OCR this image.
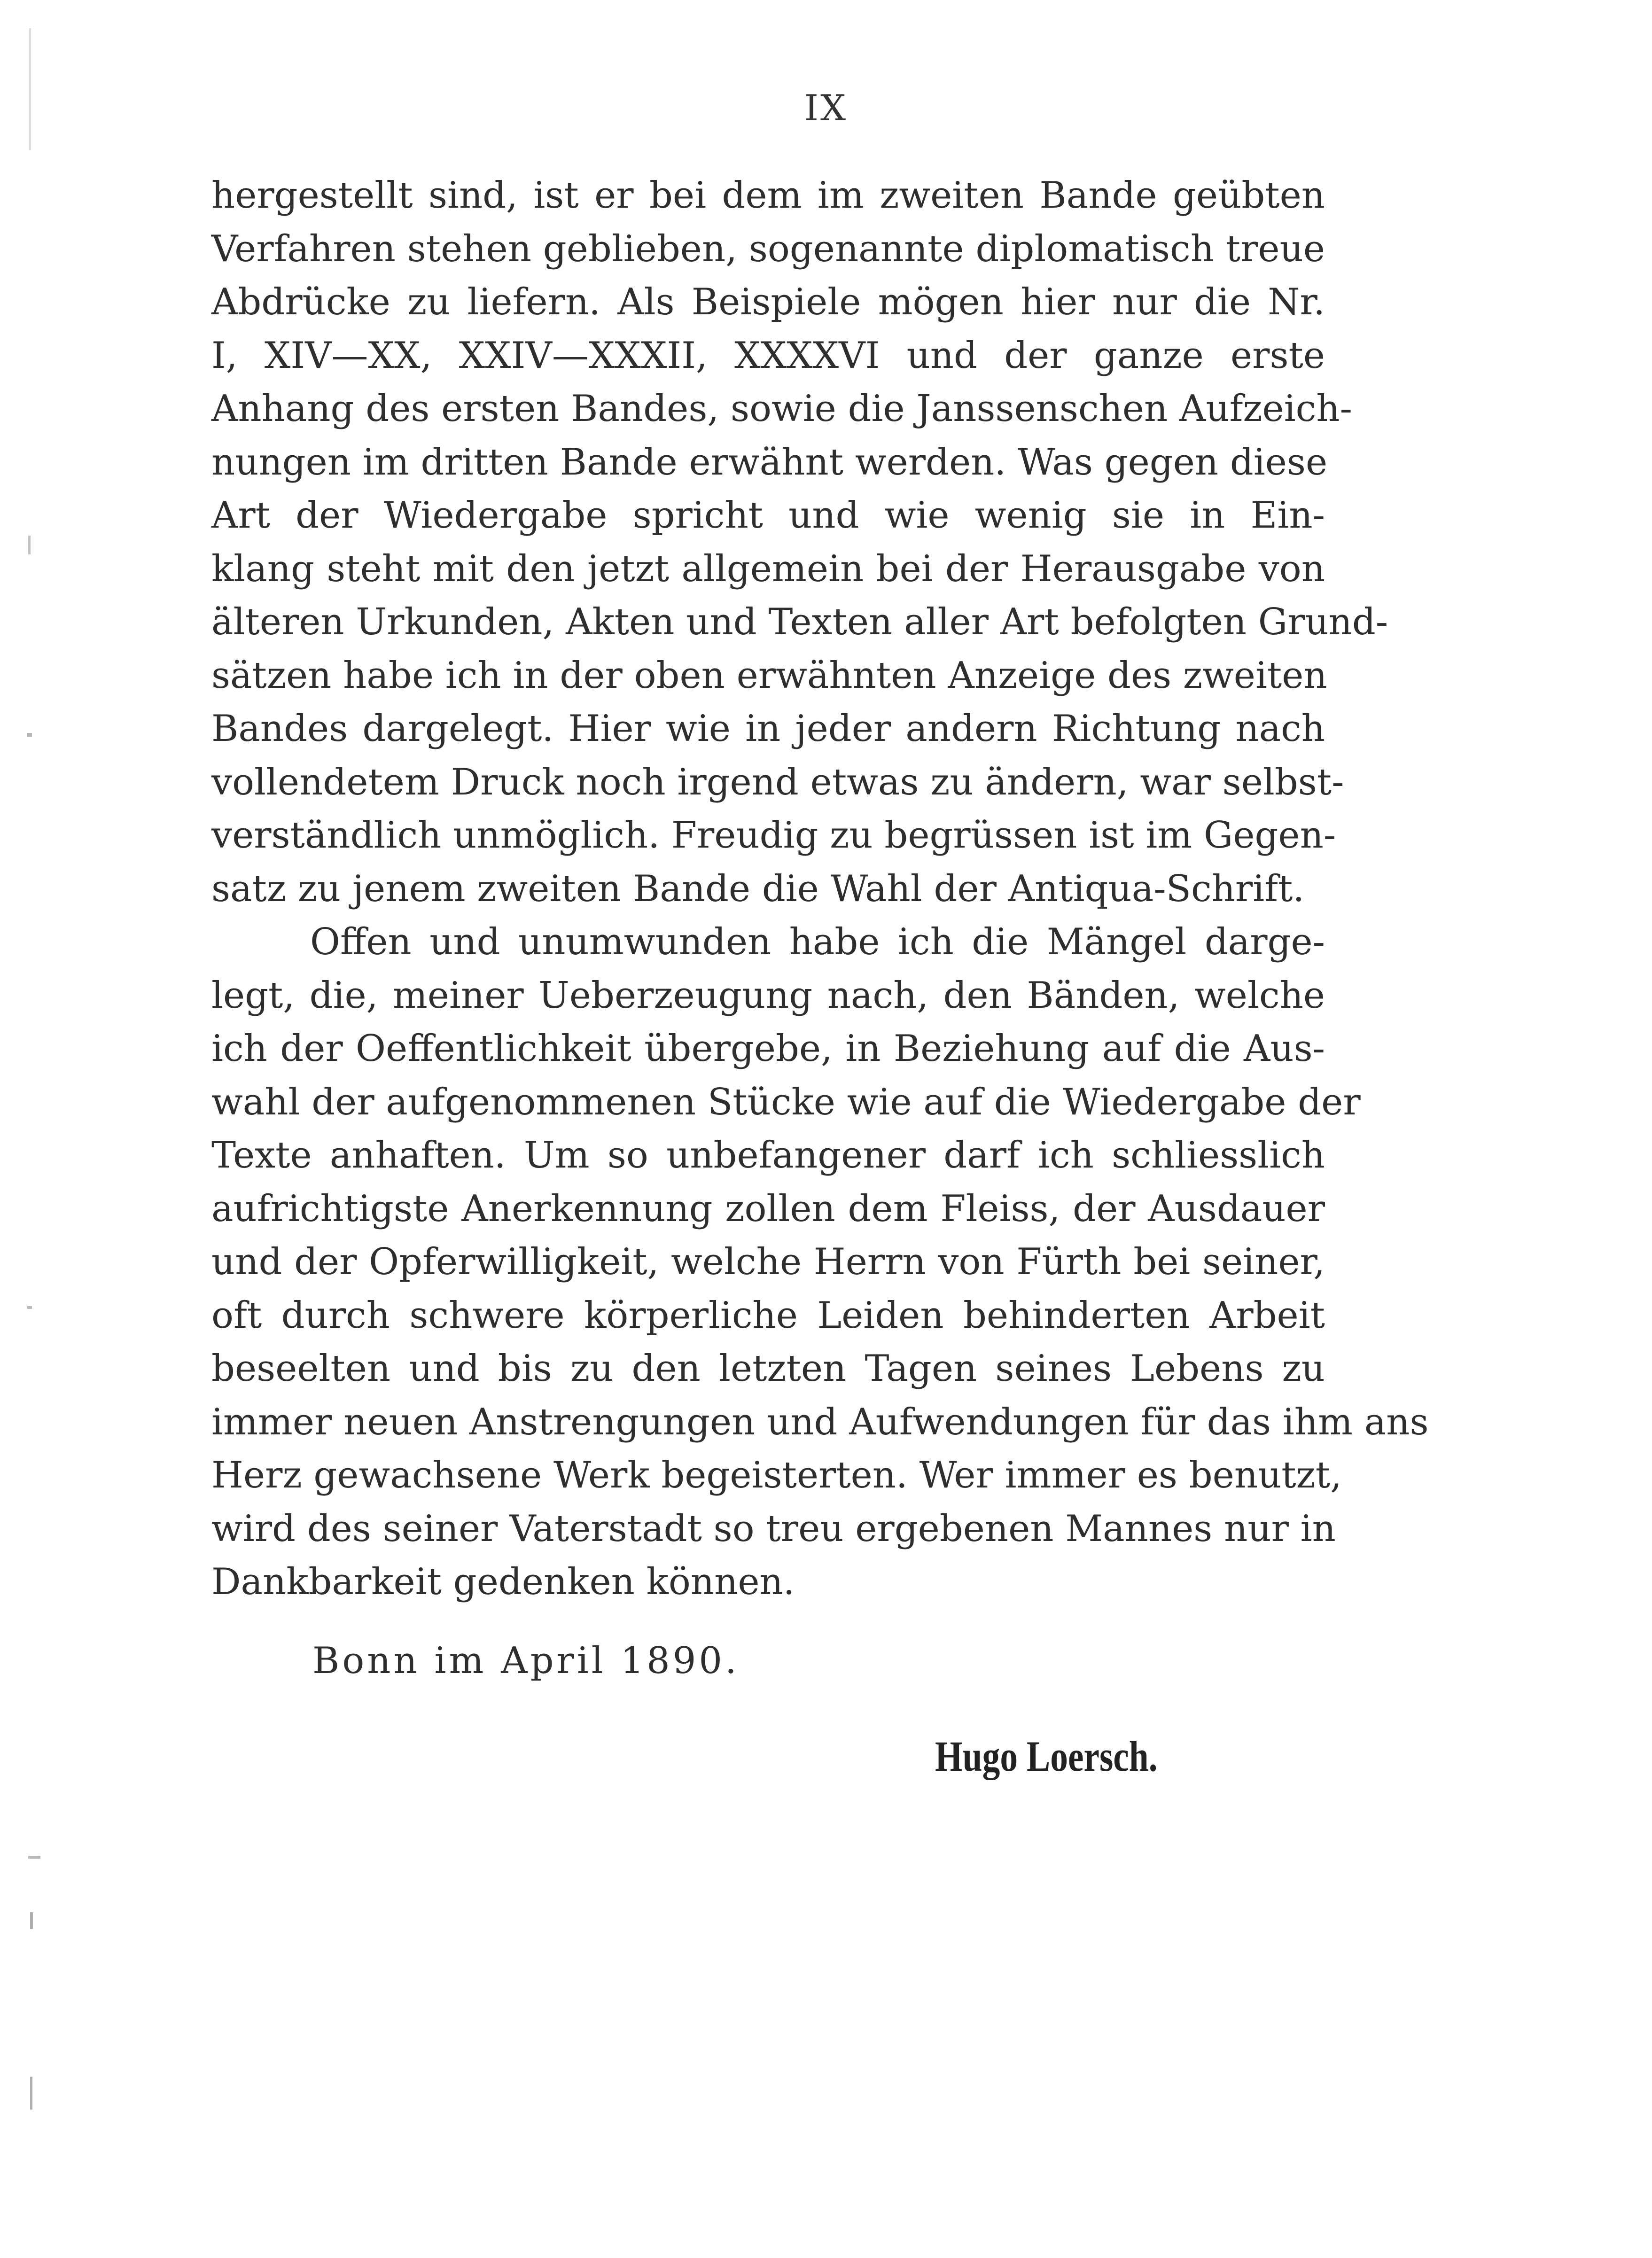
IX
hergestellt sind, ist er bei dem im zweiten Bande geübten
Verfahren stehen geblieben, sogenannte diplomatisch treue
Abdrücke zu liefern. Als Beispiele mögen hier nur die Nr.
I, XIV—XX, XXIV—XXXII, XXXXVI und der ganze erste
Anhang des ersten Bandes, sowie die Janssenschen Aufzeich-
nungen im dritten Bande erwähnt werden. Was gegen diese
Art der Wiedergabe spricht und wie wenig sie in Ein-
klang steht mit den jetzt allgemein bei der Herausgabe von
älteren Urkunden, Akten und Texten aller Art befolgten Grund-
sätzen habe ich in der oben erwähnten Anzeige des zweiten
Bandes dargelegt. Hier wie in jeder andern Richtung nach
vollendetem Druck noch irgend etwas zu ändern, war selbst-
verständlich unmöglich. Freudig zu begrüssen ist im Gegen-
satz zu jenem zweiten Bande die Wahl der Antiqua-Schrift.
Offen und unumwunden habe ich die Mängel darge-
legt, die, meiner Ueberzeugung nach, den Bänden, welche
ich der Oeffentlichkeit übergebe, in Beziehung auf die Aus-
wahl der aufgenommenen Stücke wie auf die Wiedergabe der
Texte anhaften. Um so unbefangener darf ich schliesslich
aufrichtigste Anerkennung zollen dem Fleiss, der Ausdauer
und der Opferwilligkeit, welche Herrn von Fürth bei seiner,
oft durch schwere körperliche Leiden behinderten Arbeit
beseelten und bis zu den letzten Tagen seines Lebens zu
immer neuen Anstrengungen und Aufwendungen für das ihm ans
Herz gewachsene Werk begeisterten. Wer immer es benutzt,
wird des seiner Vaterstadt so treu ergebenen Mannes nur in
Dankbarkeit gedenken können.
Bonn im April 1890.
Hugo Loersch.
